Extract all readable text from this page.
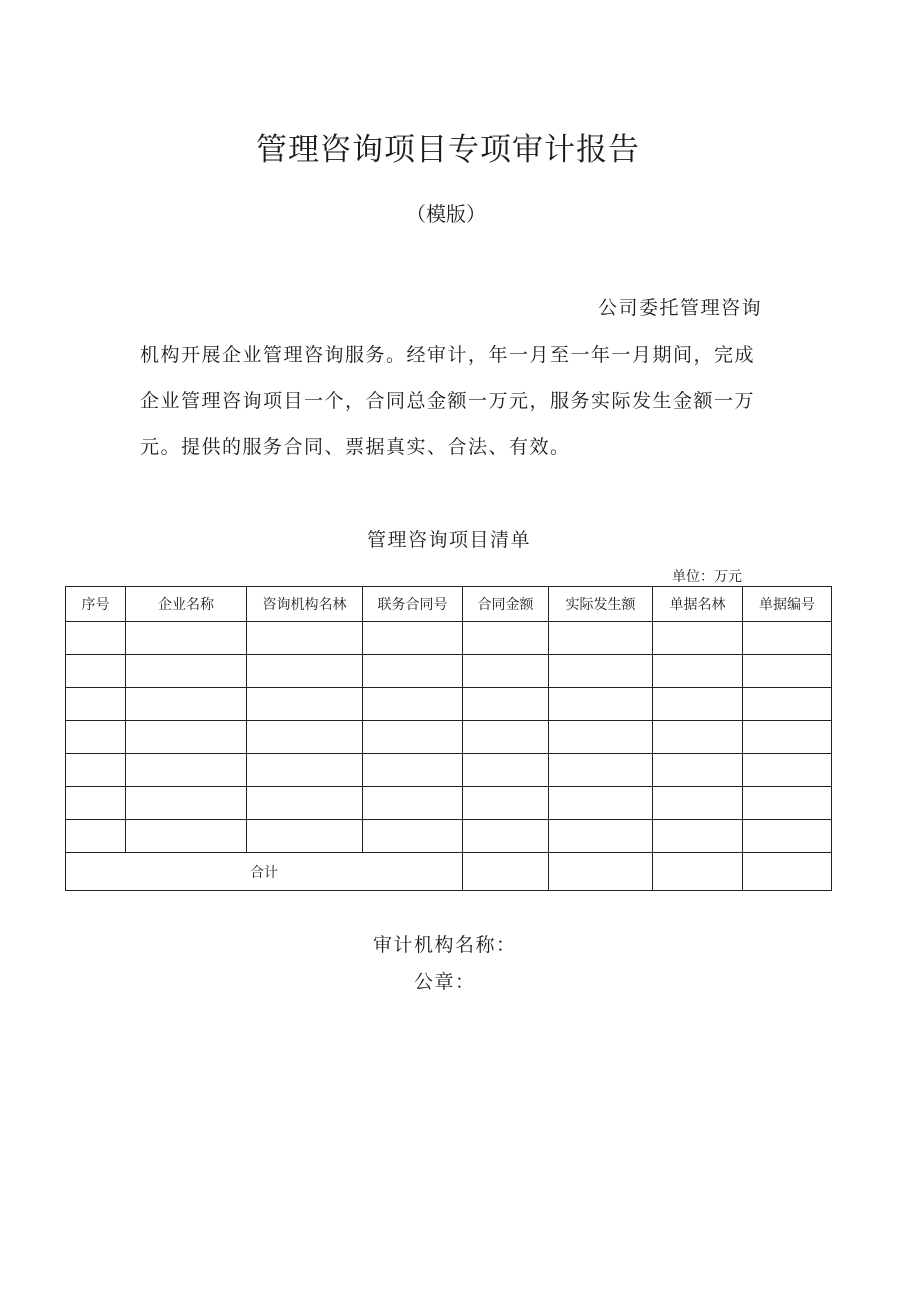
管理咨询项目专项审计报告
（模版）
公司委托管理咨询
机构开展企业管理咨询服务。经审计，年一月至一年一月期间，完成
企业管理咨询项目一个，合同总金额一万元，服务实际发生金额一万
元。提供的服务合同、票据真实、合法、有效。
管理咨询项目清单
单位：万元
序号	企业名称	咨询机构名林	联务合同号	合同金额	实际发生额	单据名林	单据编号

合计							
审计机构名称：
公章：
